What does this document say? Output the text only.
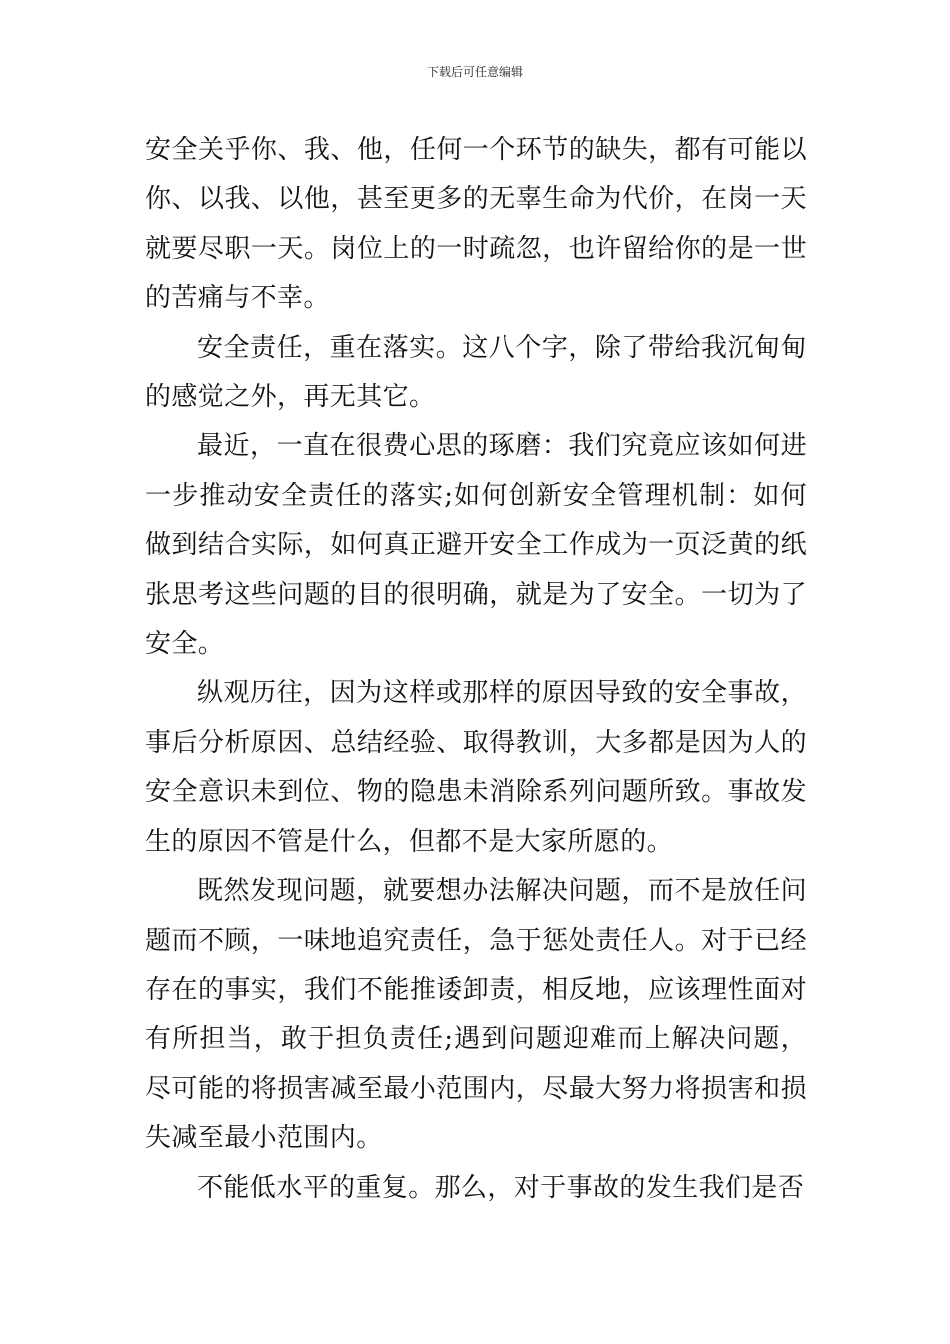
下载后可任意编辑

安全关乎你、我、他，任何一个环节的缺失，都有可能以你、以我、以他，甚至更多的无辜生命为代价，在岗一天就要尽职一天。岗位上的一时疏忽，也许留给你的是一世的苦痛与不幸。

安全责任，重在落实。这八个字，除了带给我沉甸甸的感觉之外，再无其它。

最近，一直在很费心思的琢磨：我们究竟应该如何进一步推动安全责任的落实;如何创新安全管理机制：如何做到结合实际，如何真正避开安全工作成为一页泛黄的纸张思考这些问题的目的很明确，就是为了安全。一切为了安全。

纵观历往，因为这样或那样的原因导致的安全事故，事后分析原因、总结经验、取得教训，大多都是因为人的安全意识未到位、物的隐患未消除系列问题所致。事故发生的原因不管是什么，但都不是大家所愿的。

既然发现问题，就要想办法解决问题，而不是放任问题而不顾，一味地追究责任，急于惩处责任人。对于已经存在的事实，我们不能推诿卸责，相反地，应该理性面对有所担当，敢于担负责任;遇到问题迎难而上解决问题，尽可能的将损害减至最小范围内，尽最大努力将损害和损失减至最小范围内。

不能低水平的重复。那么，对于事故的发生我们是否
